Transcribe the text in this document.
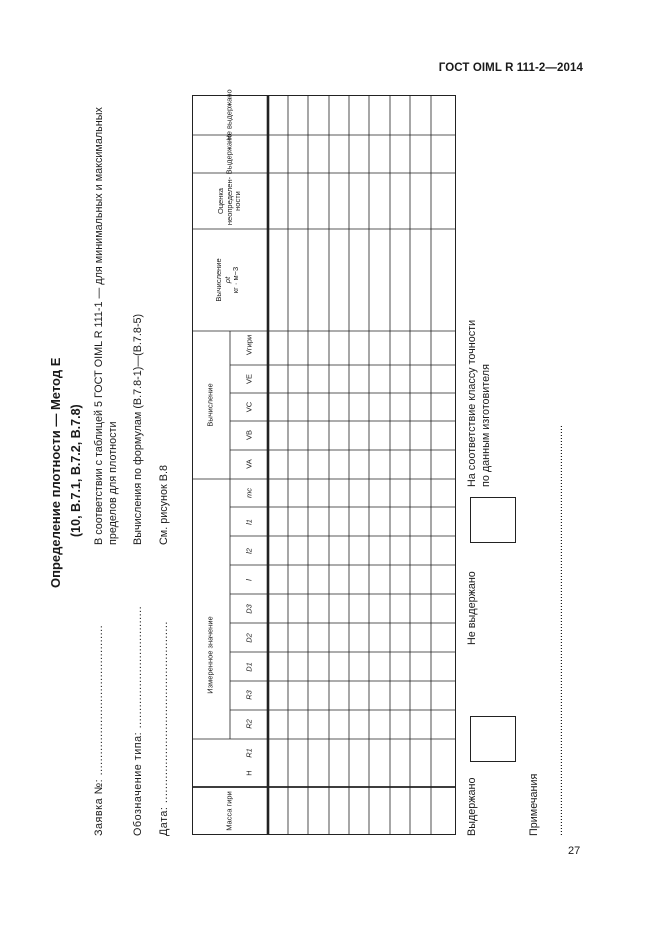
ГОСТ OIML R 111-2—2014
Определение плотности — Метод Е (10, В.7.1, В.7.2, В.7.8)
Заявка №: ...........................................	Обозначение типа: ................................... Дата: ....................................................
В соответствии с таблицей 5 ГОСТ OIML R 111-1 — для минимальных и максимальных пределов для плотности Вычисления по формулам (В.7.8-1)—(В.7.8-5) См. рисунок В.8
Не выдержано
Выдержано
Оценка неопределен-ности
Вычисление ρt кг · м−3
Вычисление
Vгири
VE
VC
VB
VA
Измеренное значение
mc
l1
l2
l
D3
D2
D1
R3
R2
R1
H
Масса гири	Выдержано
Не выдержано
На соответствие классу точности по данным изготовителя
Примечания .........................................................................................................................................
27
